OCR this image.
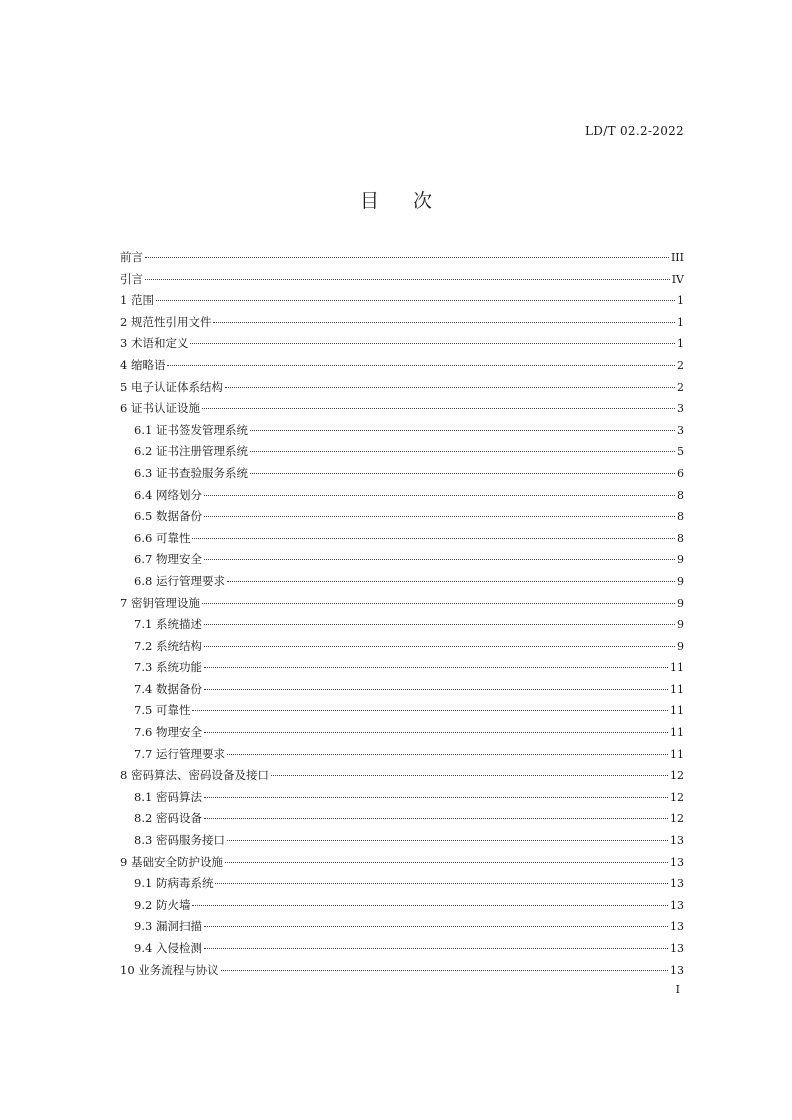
LD/T 02.2-2022
目次
前言	III
引言	IV
1 范围	1
2 规范性引用文件	1
3 术语和定义	1
4 缩略语	2
5 电子认证体系结构	2
6 证书认证设施	3
6.1 证书签发管理系统	3
6.2 证书注册管理系统	5
6.3 证书查验服务系统	6
6.4 网络划分	8
6.5 数据备份	8
6.6 可靠性	8
6.7 物理安全	9
6.8 运行管理要求	9
7 密钥管理设施	9
7.1 系统描述	9
7.2 系统结构	9
7.3 系统功能	11
7.4 数据备份	11
7.5 可靠性	11
7.6 物理安全	11
7.7 运行管理要求	11
8 密码算法、密码设备及接口	12
8.1 密码算法	12
8.2 密码设备	12
8.3 密码服务接口	13
9 基础安全防护设施	13
9.1 防病毒系统	13
9.2 防火墙	13
9.3 漏洞扫描	13
9.4 入侵检测	13
10 业务流程与协议	13
I
